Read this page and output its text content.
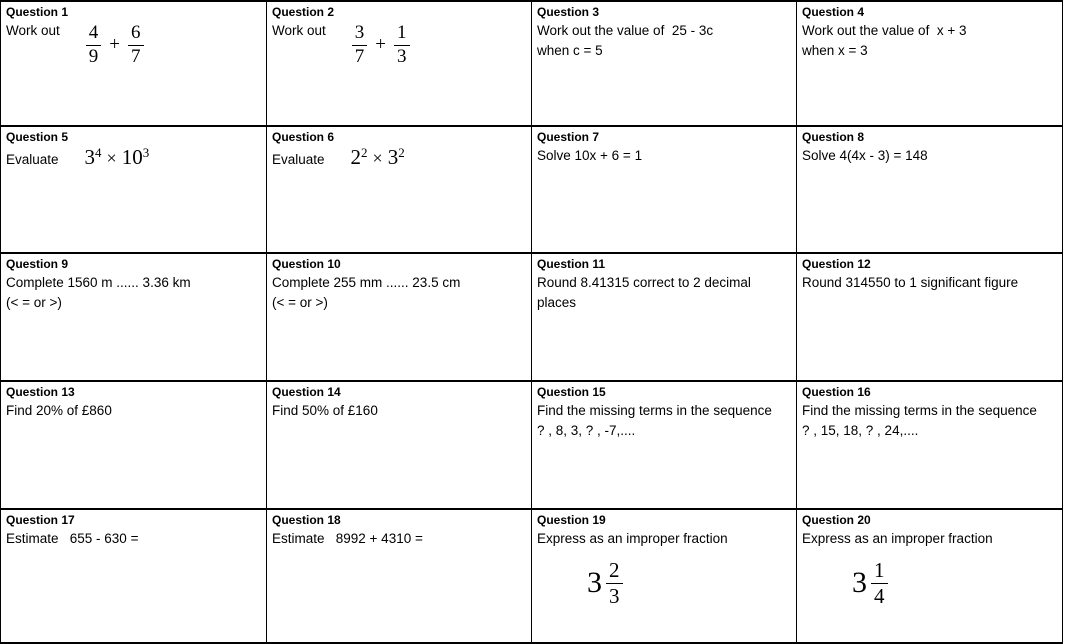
Question 1
Work out $\frac{4}{9} + \frac{6}{7}$
Question 2
Work out $\frac{3}{7} + \frac{1}{3}$
Question 3
Work out the value of  25 - 3c
when c = 5
Question 4
Work out the value of  x + 3
when x = 3
Question 5
Evaluate $3^4 \times 10^3$
Question 6
Evaluate $2^2 \times 3^2$
Question 7
Solve 10x + 6 = 1
Question 8
Solve 4(4x - 3) = 148
Question 9
Complete 1560 m ...... 3.36 km
(< = or >)
Question 10
Complete 255 mm ...... 23.5 cm
(< = or >)
Question 11
Round 8.41315 correct to 2 decimal
places
Question 12
Round 314550 to 1 significant figure
Question 13
Find 20% of £860
Question 14
Find 50% of £160
Question 15
Find the missing terms in the sequence
? , 8, 3, ? , -7,....
Question 16
Find the missing terms in the sequence
? , 15, 18, ? , 24,....
Question 17
Estimate   655 - 630 =
Question 18
Estimate   8992 + 4310 =
Question 19
Express as an improper fraction
$3 \frac{2}{3}$
Question 20
Express as an improper fraction
$3 \frac{1}{4}$
